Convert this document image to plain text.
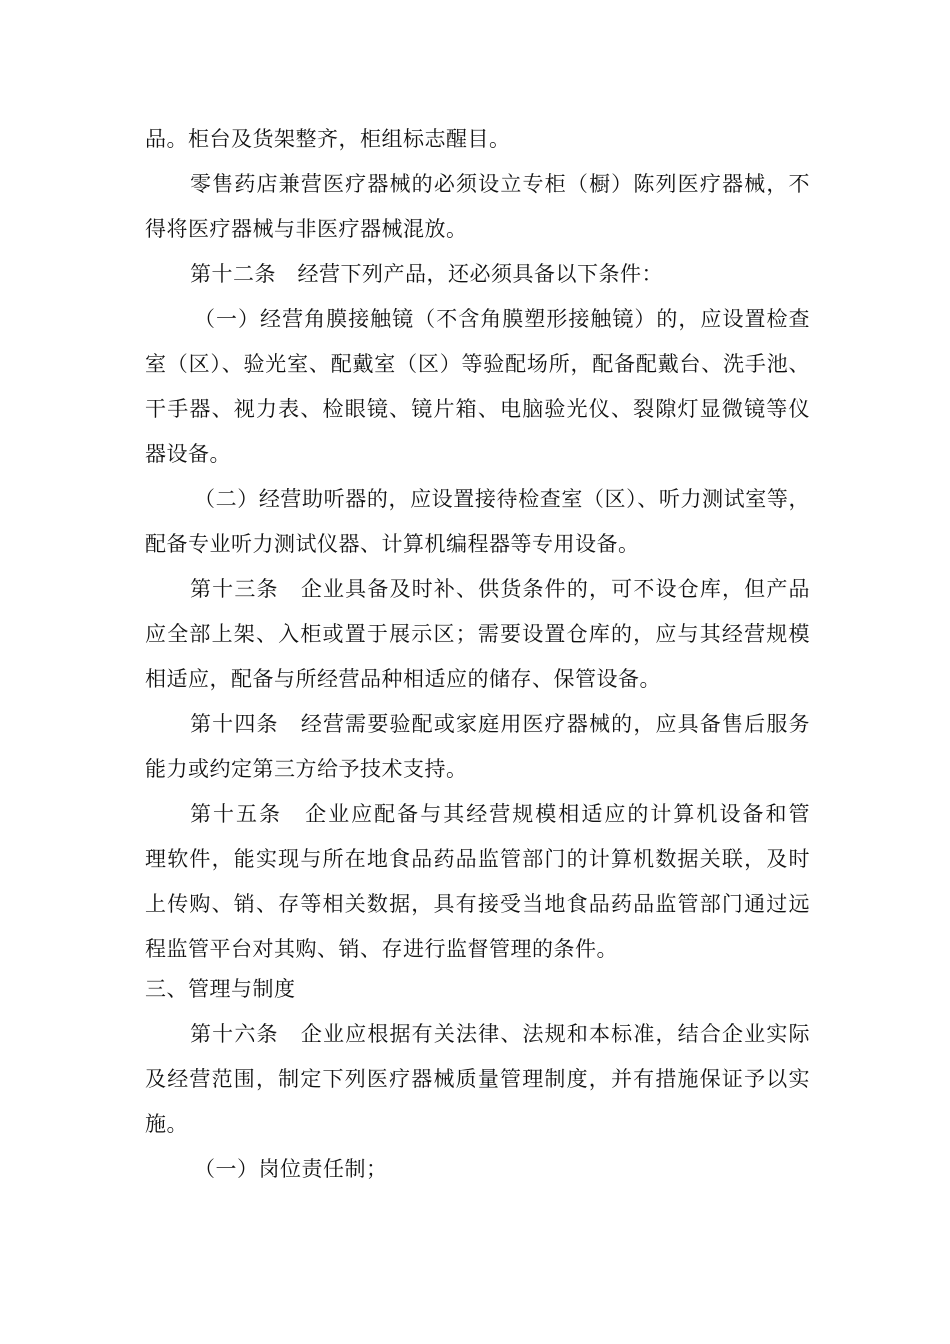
品。柜台及货架整齐，柜组标志醒目。
零售药店兼营医疗器械的必须设立专柜（橱）陈列医疗器械，不
得将医疗器械与非医疗器械混放。
第十二条　经营下列产品，还必须具备以下条件：
（一）经营角膜接触镜（不含角膜塑形接触镜）的，应设置检查
室（区）、验光室、配戴室（区）等验配场所，配备配戴台、洗手池、
干手器、视力表、检眼镜、镜片箱、电脑验光仪、裂隙灯显微镜等仪
器设备。
（二）经营助听器的，应设置接待检查室（区）、听力测试室等，
配备专业听力测试仪器、计算机编程器等专用设备。
第十三条　企业具备及时补、供货条件的，可不设仓库，但产品
应全部上架、入柜或置于展示区；需要设置仓库的，应与其经营规模
相适应，配备与所经营品种相适应的储存、保管设备。
第十四条　经营需要验配或家庭用医疗器械的，应具备售后服务
能力或约定第三方给予技术支持。
第十五条　企业应配备与其经营规模相适应的计算机设备和管
理软件，能实现与所在地食品药品监管部门的计算机数据关联，及时
上传购、销、存等相关数据，具有接受当地食品药品监管部门通过远
程监管平台对其购、销、存进行监督管理的条件。
三、管理与制度
第十六条　企业应根据有关法律、法规和本标准，结合企业实际
及经营范围，制定下列医疗器械质量管理制度，并有措施保证予以实
施。
（一）岗位责任制；
